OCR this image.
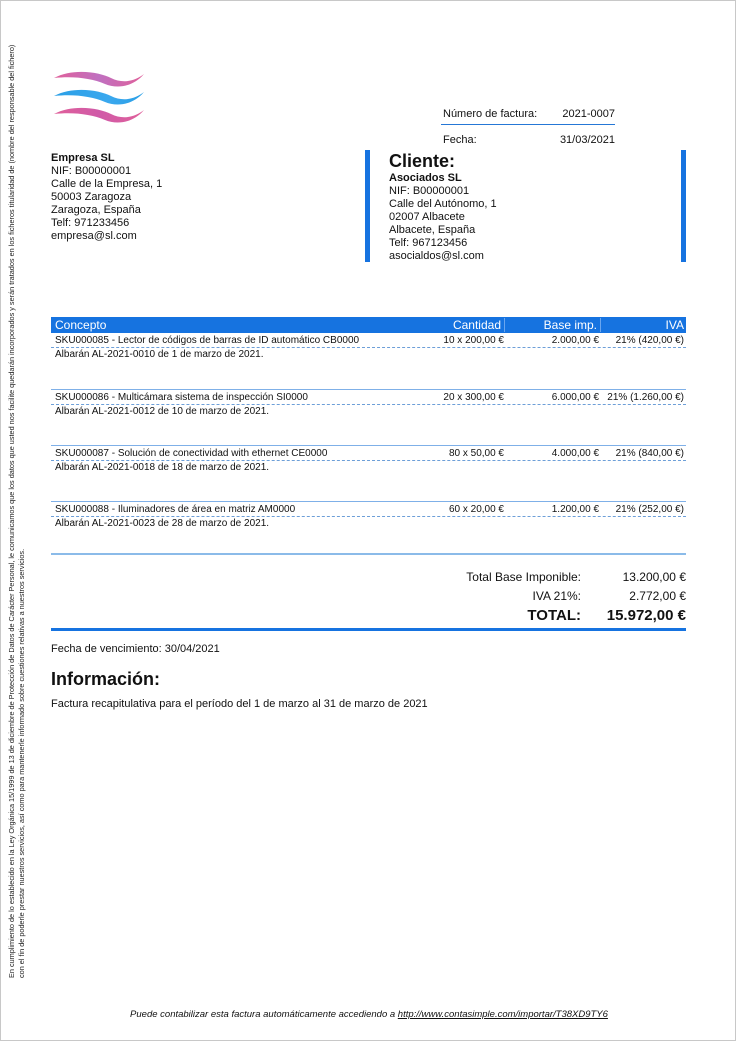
En cumplimiento de lo establecido en la Ley Orgánica 15/1999 de 13 de diciembre de Protección de Datos de Carácter Personal, le comunicamos que los datos que usted nos facilite quedarán incorporados y serán tratados en los ficheros titularidad de (nombre del responsable del fichero) con el fin de poderle prestar nuestros servicios, así como para mantenerle informado sobre cuestiones relativas a nuestros servicios.
Número de factura: 2021-0007
Fecha:	31/03/2021
Empresa SL
NIF: B00000001
Calle de la Empresa, 1
50003 Zaragoza
Zaragoza, España
Telf: 971233456
empresa@sl.com
Cliente:
Asociados SL
NIF: B00000001
Calle del Autónomo, 1
02007 Albacete
Albacete, España
Telf: 967123456
asocialdos@sl.com
Concepto	Cantidad	Base imp.	IVA
SKU000085 - Lector de códigos de barras de ID automático CB0000	10 x 200,00 €	2.000,00 €	21% (420,00 €)
Albarán AL-2021-0010 de 1 de marzo de 2021.
SKU000086 - Multicámara sistema de inspección SI0000	20 x 300,00 €	6.000,00 € 21% (1.260,00 €)
Albarán AL-2021-0012 de 10 de marzo de 2021.
SKU000087 - Solución de conectividad with ethernet CE0000	80 x 50,00 €	4.000,00 €	21% (840,00 €)
Albarán AL-2021-0018 de 18 de marzo de 2021.
SKU000088 - Iluminadores de área en matriz AM0000	60 x 20,00 €	1.200,00 €	21% (252,00 €)
Albarán AL-2021-0023 de 28 de marzo de 2021.
Total Base Imponible:	13.200,00 €
IVA 21%:	2.772,00 €
TOTAL:	15.972,00 €
Fecha de vencimiento: 30/04/2021
Información:
Factura recapitulativa para el período del 1 de marzo al 31 de marzo de 2021
Puede contabilizar esta factura automáticamente accediendo a http://www.contasimple.com/importar/T38XD9TY6
